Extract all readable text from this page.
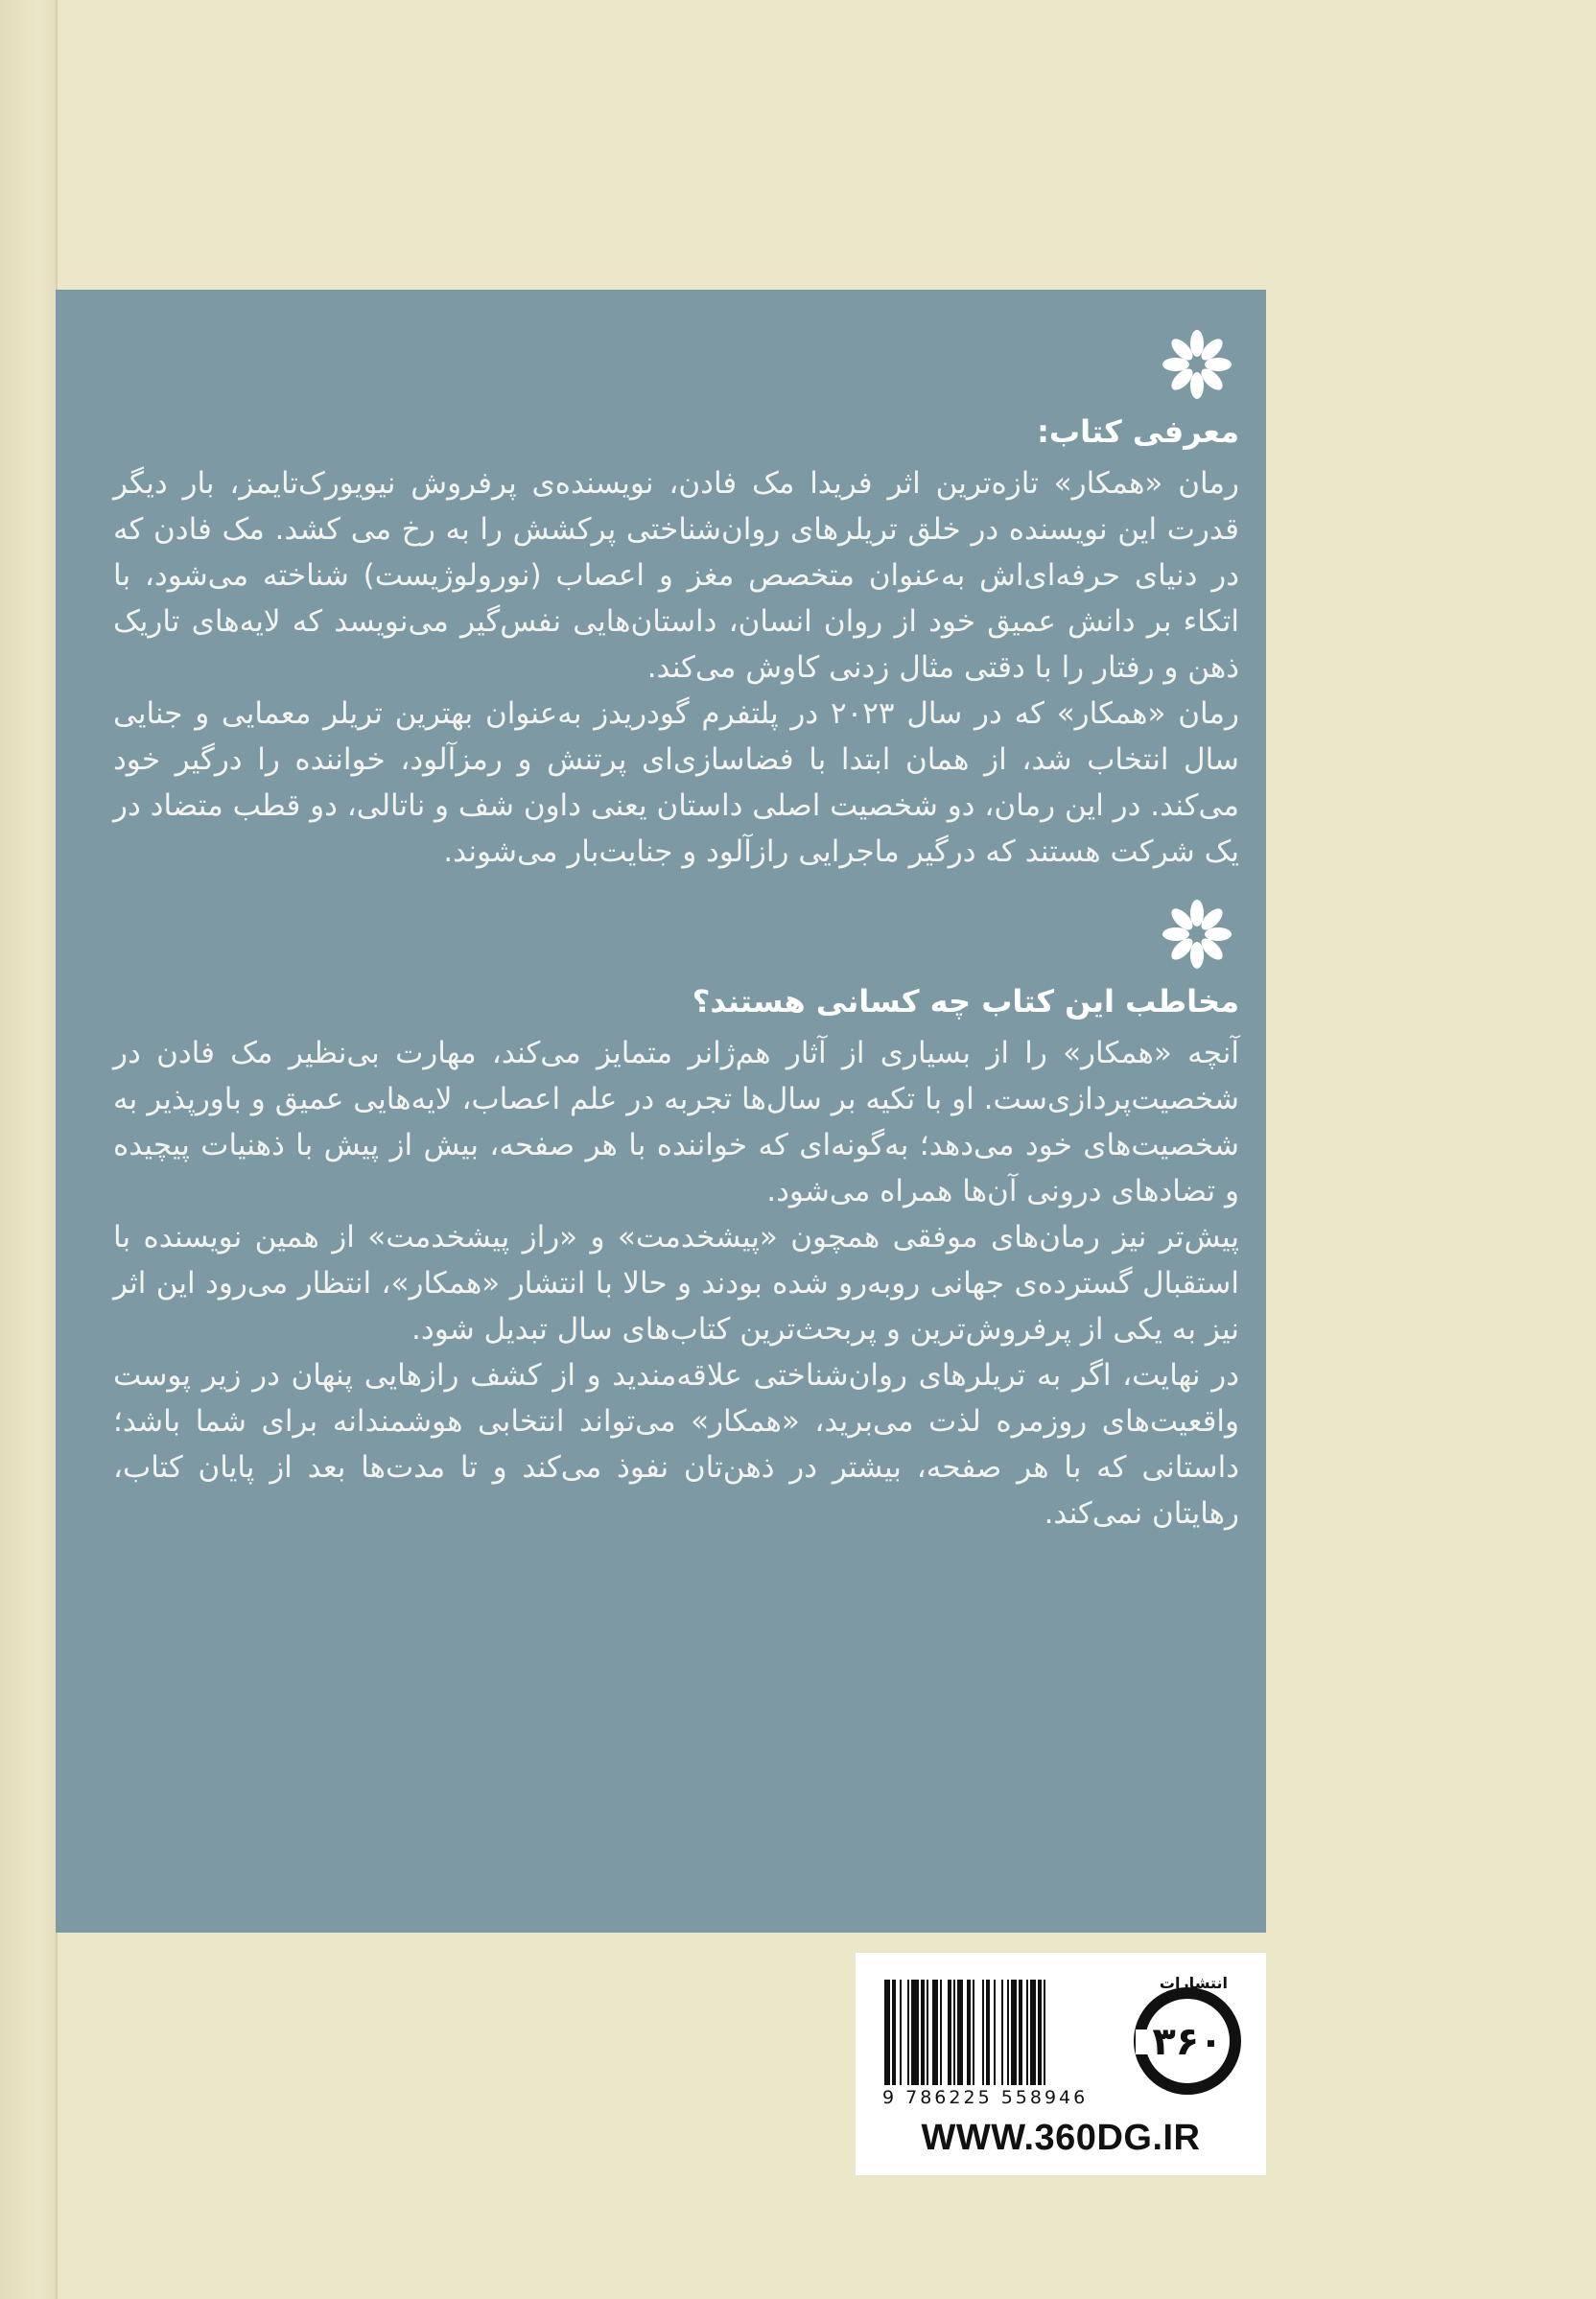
معرفی کتاب:

رمان «همکار» تازه‌ترین اثر فریدا مک فادن، نویسنده‌ی پرفروش نیویورک‌تایمز، بار دیگر قدرت این نویسنده در خلق تریلرهای روان‌شناختی پرکشش را به رخ می کشد. مک فادن که در دنیای حرفه‌ای‌اش به‌عنوان متخصص مغز و اعصاب (نورولوژیست) شناخته می‌شود، با اتکاء بر دانش عمیق خود از روان انسان، داستان‌هایی نفس‌گیر می‌نویسد که لایه‌های تاریک ذهن و رفتار را با دقتی مثال زدنی کاوش می‌کند.

رمان «همکار» که در سال ۲۰۲۳ در پلتفرم گودریدز به‌عنوان بهترین تریلر معمایی و جنایی سال انتخاب شد، از همان ابتدا با فضاسازی‌ای پرتنش و رمزآلود، خواننده را درگیر خود می‌کند. در این رمان، دو شخصیت اصلی داستان یعنی داون شف و ناتالی، دو قطب متضاد در یک شرکت هستند که درگیر ماجرایی رازآلود و جنایت‌بار می‌شوند.

مخاطب این کتاب چه کسانی هستند؟

آنچه «همکار» را از بسیاری از آثار هم‌ژانر متمایز می‌کند، مهارت بی‌نظیر مک فادن در شخصیت‌پردازی‌ست. او با تکیه بر سال‌ها تجربه در علم اعصاب، لایه‌هایی عمیق و باورپذیر به شخصیت‌های خود می‌دهد؛ به‌گونه‌ای که خواننده با هر صفحه، بیش از پیش با ذهنیات پیچیده و تضادهای درونی آن‌ها همراه می‌شود.

پیش‌تر نیز رمان‌های موفقی همچون «پیشخدمت» و «راز پیشخدمت» از همین نویسنده با استقبال گسترده‌ی جهانی روبه‌رو شده بودند و حالا با انتشار «همکار»، انتظار می‌رود این اثر نیز به یکی از پرفروش‌ترین و پربحث‌ترین کتاب‌های سال تبدیل شود.

در نهایت، اگر به تریلرهای روان‌شناختی علاقه‌مندید و از کشف رازهایی پنهان در زیر پوست واقعیت‌های روزمره لذت می‌برید، «همکار» می‌تواند انتخابی هوشمندانه برای شما باشد؛ داستانی که با هر صفحه، بیشتر در ذهن‌تان نفوذ می‌کند و تا مدت‌ها بعد از پایان کتاب، رهایتان نمی‌کند.

9 786225 558946
۳۶۰
انتشارات
WWW.360DG.IR
